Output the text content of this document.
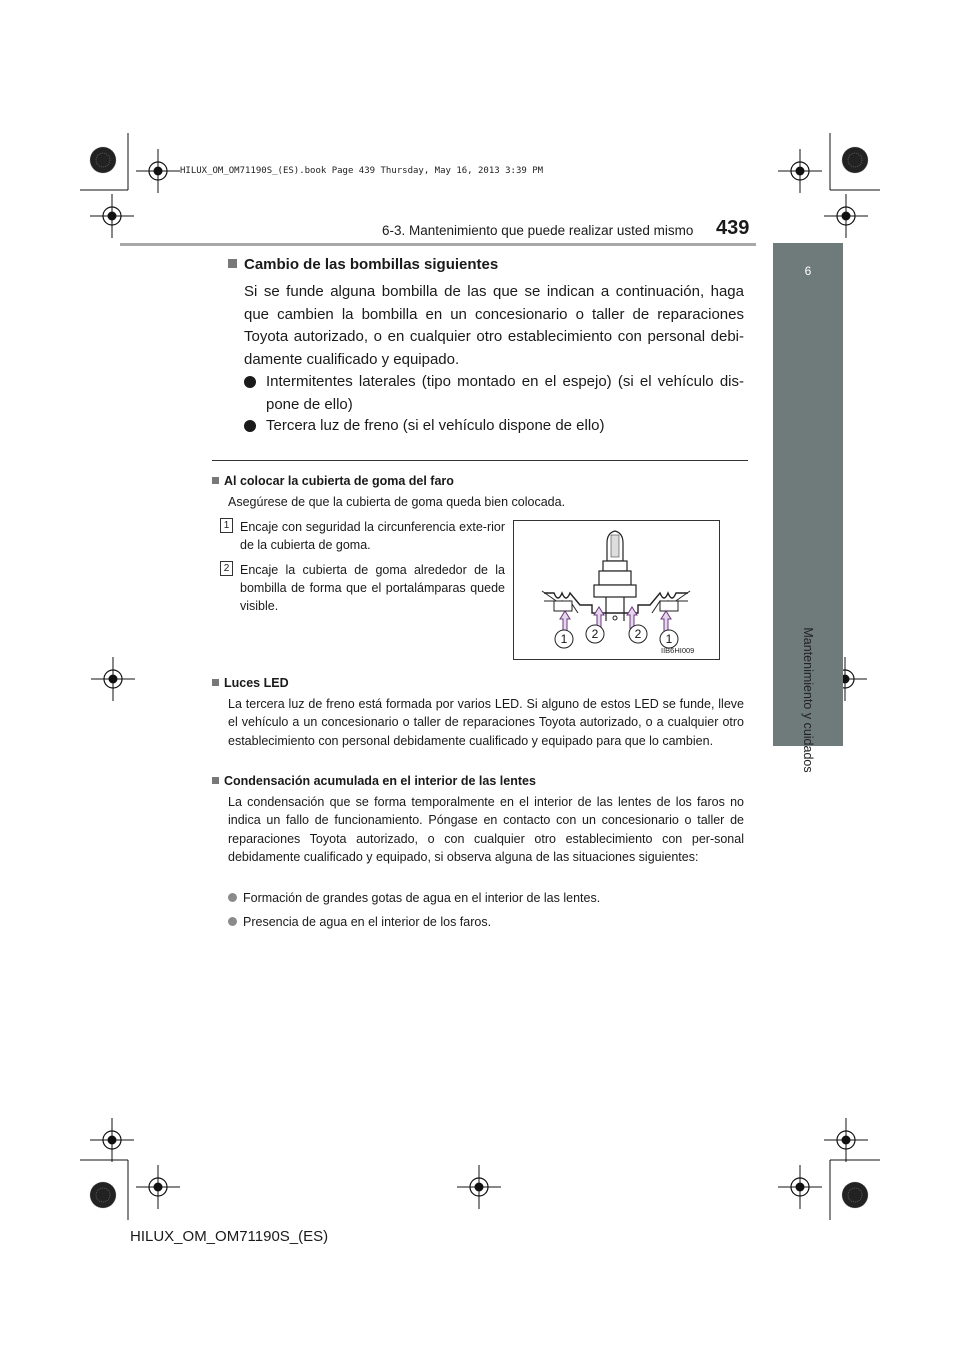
HILUX_OM_OM71190S_(ES).book Page 439 Thursday, May 16, 2013 3:39 PM
6-3. Mantenimiento que puede realizar usted mismo 439
6
Mantenimiento y cuidados
Cambio de las bombillas siguientes
Si se funde alguna bombilla de las que se indican a continuación, haga que cambien la bombilla en un concesionario o taller de reparaciones Toyota autorizado, o en cualquier otro establecimiento con personal debi-damente cualificado y equipado.
Intermitentes laterales (tipo montado en el espejo) (si el vehículo dis-pone de ello)
Tercera luz de freno (si el vehículo dispone de ello)
Al colocar la cubierta de goma del faro
Asegúrese de que la cubierta de goma queda bien colocada.
1 Encaje con seguridad la circunferencia exte-rior de la cubierta de goma.
2 Encaje la cubierta de goma alrededor de la bombilla de forma que el portalámparas quede visible.
1 2	2 1
IIB6HI009
Luces LED
La tercera luz de freno está formada por varios LED. Si alguno de estos LED se funde, lleve el vehículo a un concesionario o taller de reparaciones Toyota autorizado, o a cualquier otro establecimiento con personal debidamente cualificado y equipado para que lo cambien.
Condensación acumulada en el interior de las lentes
La condensación que se forma temporalmente en el interior de las lentes de los faros no indica un fallo de funcionamiento. Póngase en contacto con un concesionario o taller de reparaciones Toyota autorizado, o con cualquier otro establecimiento con per-sonal debidamente cualificado y equipado, si observa alguna de las situaciones siguientes:
Formación de grandes gotas de agua en el interior de las lentes.
Presencia de agua en el interior de los faros.
HILUX_OM_OM71190S_(ES)
